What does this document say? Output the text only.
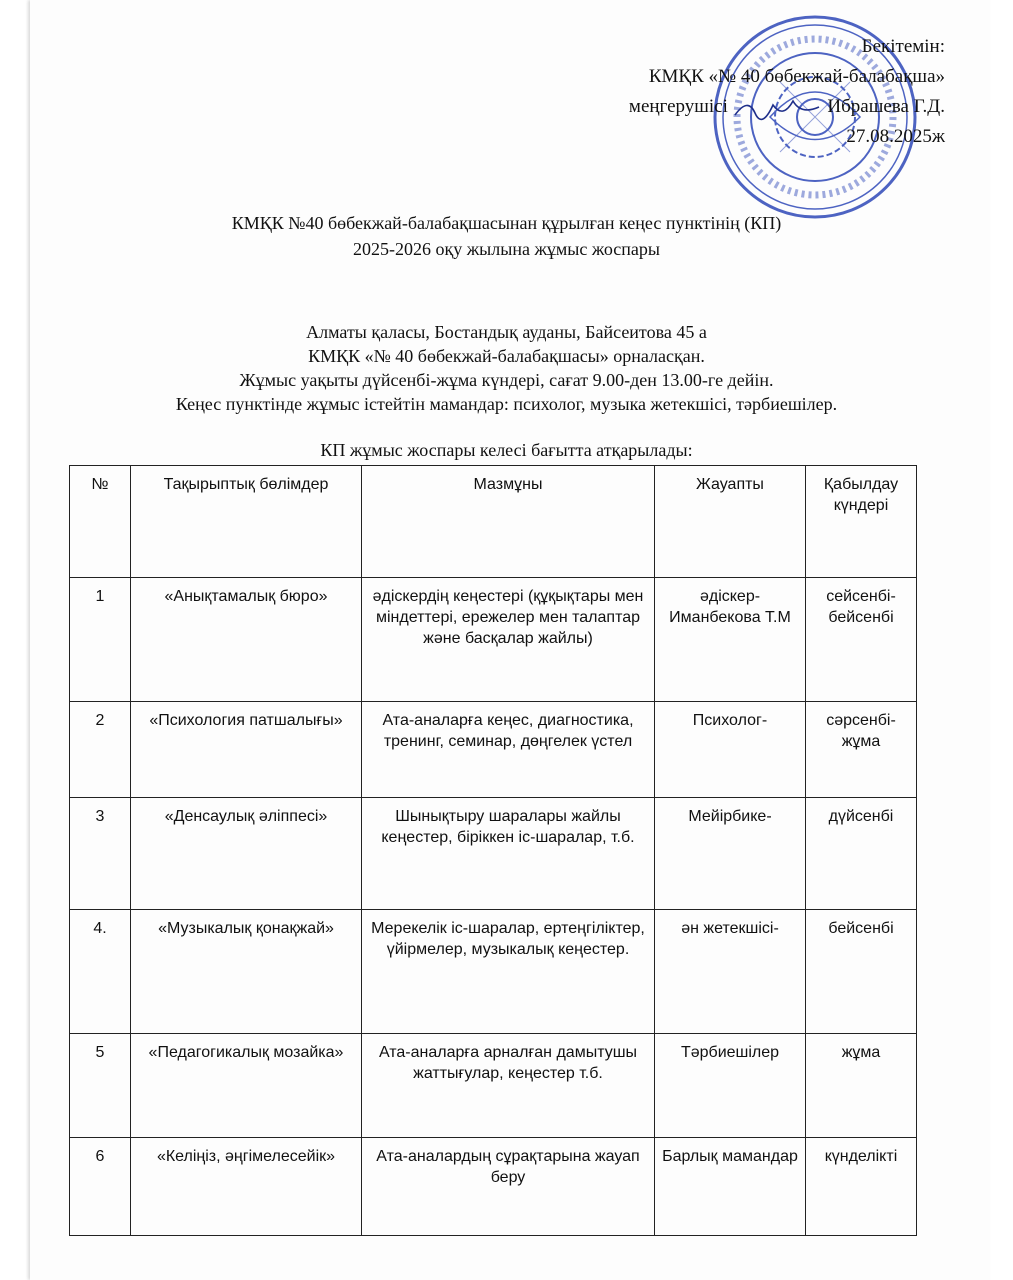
Бекітемін:
КМҚК «№ 40 бөбекжай-балабақша»
меңгерушісі	Ибрашева Г.Д.
27.08.2025ж
КМҚК №40 бөбекжай-балабақшасынан құрылған кеңес пунктінің (КП)
2025-2026 оқу жылына жұмыс жоспары
Алматы қаласы, Бостандық ауданы, Байсеитова 45 а
КМҚК «№ 40 бөбекжай-балабақшасы» орналасқан.
Жұмыс уақыты дүйсенбі-жұма күндері, сағат 9.00-ден 13.00-ге дейін.
Кеңес пунктінде жұмыс істейтін мамандар: психолог, музыка жетекшісі, тәрбиешілер.
КП жұмыс жоспары келесі бағытта атқарылады:
№	Тақырыптық бөлімдер	Мазмұны	Жауапты	Қабылдау күндері
1	«Анықтамалық бюро»	әдіскердің кеңестері (құқықтары мен міндеттері, ережелер мен талаптар және басқалар жайлы)	әдіскер-Иманбекова Т.М	сейсенбі-бейсенбі
2	«Психология патшалығы»	Ата-аналарға кеңес, диагностика, тренинг, семинар, дөңгелек үстел	Психолог-	сәрсенбі-жұма
3	«Денсаулық әліппесі»	Шынықтыру шаралары жайлы кеңестер, біріккен іс-шаралар, т.б.	Мейірбике-	дүйсенбі
4.	«Музыкалық қонақжай»	Мерекелік іс-шаралар, ертеңгіліктер, үйірмелер, музыкалық кеңестер.	ән жетекшісі-	бейсенбі
5	«Педагогикалық мозайка»	Ата-аналарға арналған дамытушы жаттығулар, кеңестер т.б.	Тәрбиешілер	жұма
6	«Келіңіз, әңгімелесейік»	Ата-аналардың сұрақтарына жауап беру	Барлық мамандар	күнделікті
